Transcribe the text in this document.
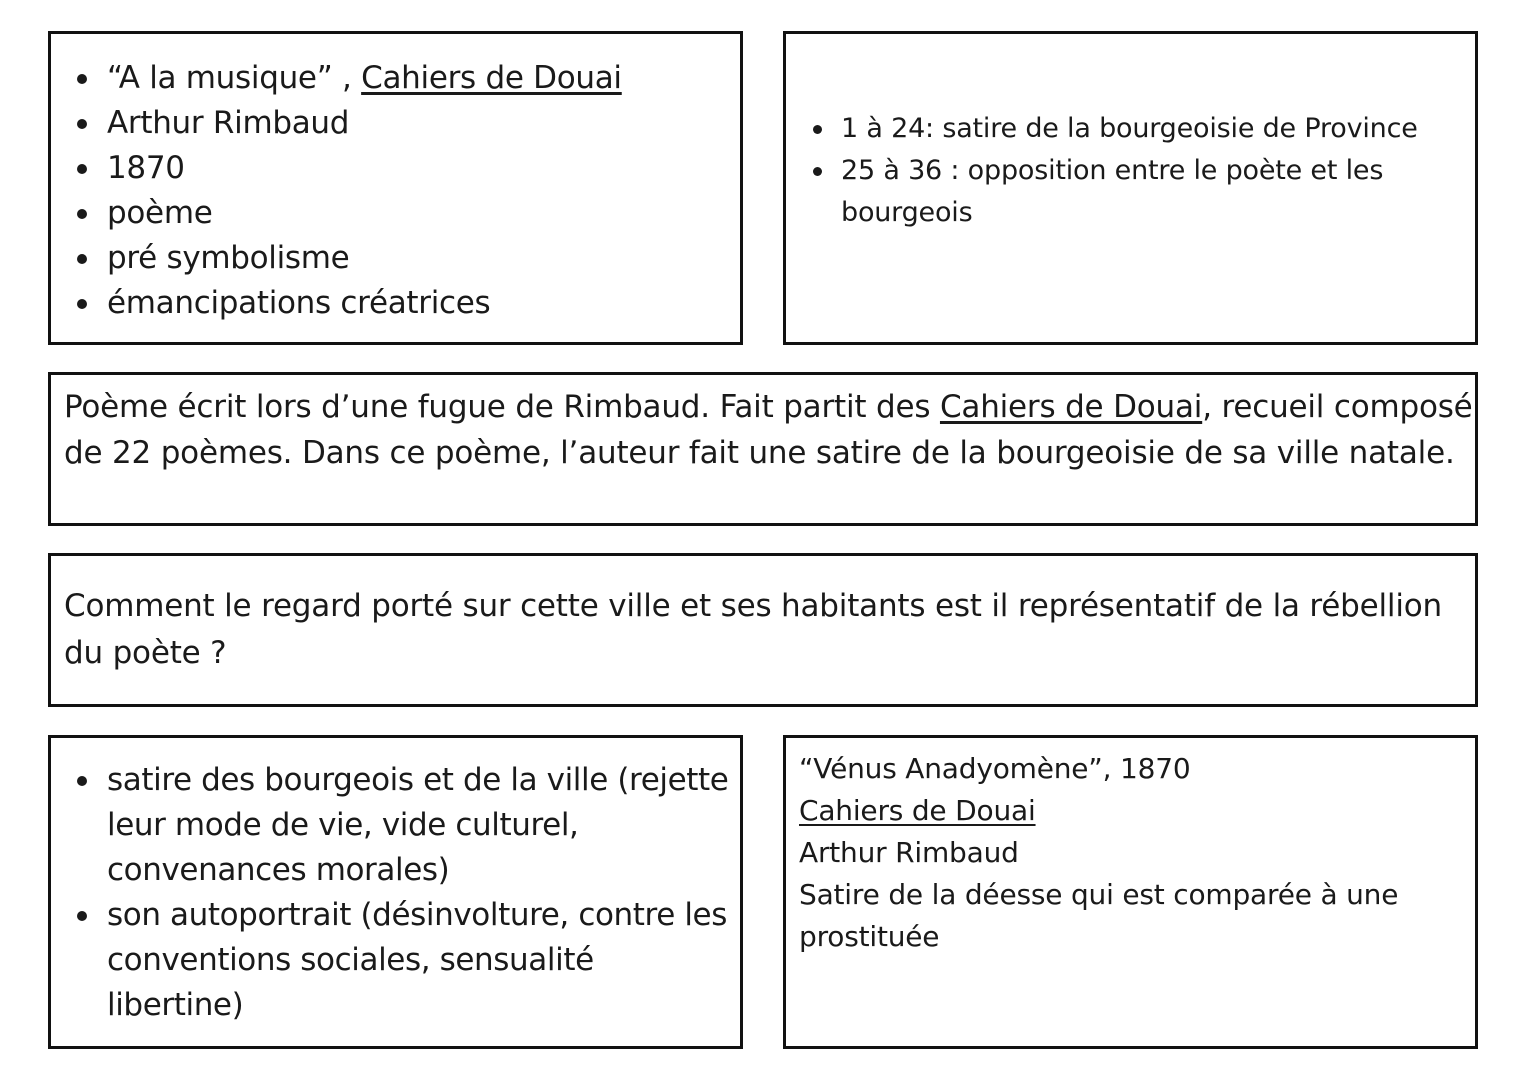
“A la musique” , Cahiers de Douai
Arthur Rimbaud
1870
poème
pré symbolisme
émancipations créatrices
1 à 24: satire de la bourgeoisie de Province
25 à 36 : opposition entre le poète et les bourgeois

Poème écrit lors d’une fugue de Rimbaud. Fait partit des Cahiers de Douai, recueil composé de 22 poèmes. Dans ce poème, l’auteur fait une satire de la bourgeoisie de sa ville natale.

Comment le regard porté sur cette ville et ses habitants est il représentatif de la rébellion du poète ?

satire des bourgeois et de la ville (rejette leur mode de vie, vide culturel, convenances morales)
son autoportrait (désinvolture, contre les conventions sociales, sensualité libertine)
“Vénus Anadyomène”, 1870
Cahiers de Douai
Arthur Rimbaud
Satire de la déesse qui est comparée à une prostituée
